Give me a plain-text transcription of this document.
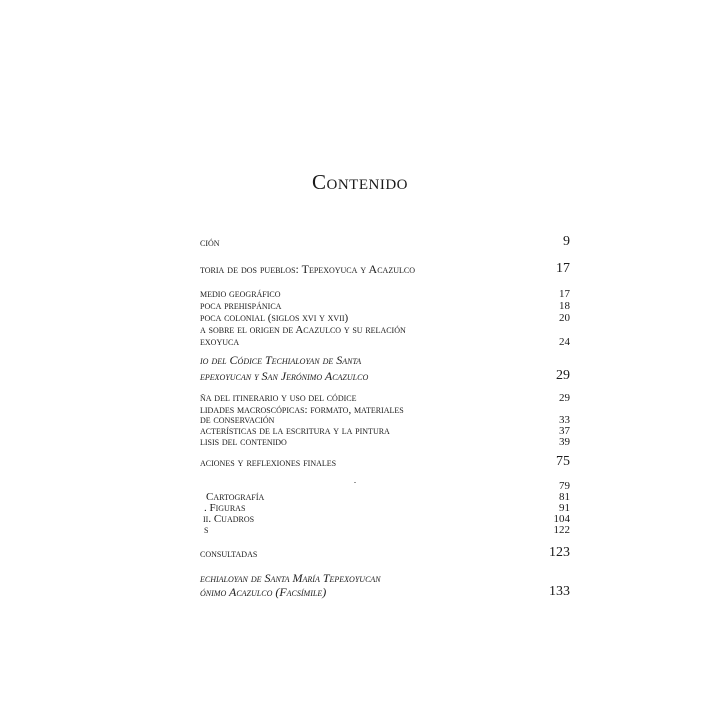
Contenido
ción	9
toria de dos pueblos: Tepexoyuca y Acazulco	17
medio geográfico	17
poca prehispánica	18
poca colonial (siglos xvi y xvii)	20
a sobre el origen de Acazulco y su relación
exoyuca	24
io del Códice Techialoyan de Santa
epexoyucan y San Jerónimo Acazulco	29
ña del itinerario y uso del códice	29
lidades macroscópicas: formato, materiales
de conservación	33
acterísticas de la escritura y la pintura	37
lisis del contenido	39
aciones y reflexiones finales	75
79
Cartografía	81
. Figuras	91
ii. Cuadros	104
s	122
consultadas	123
echialoyan de Santa María Tepexoyucan
ónimo Acazulco (Facsímile)	133
